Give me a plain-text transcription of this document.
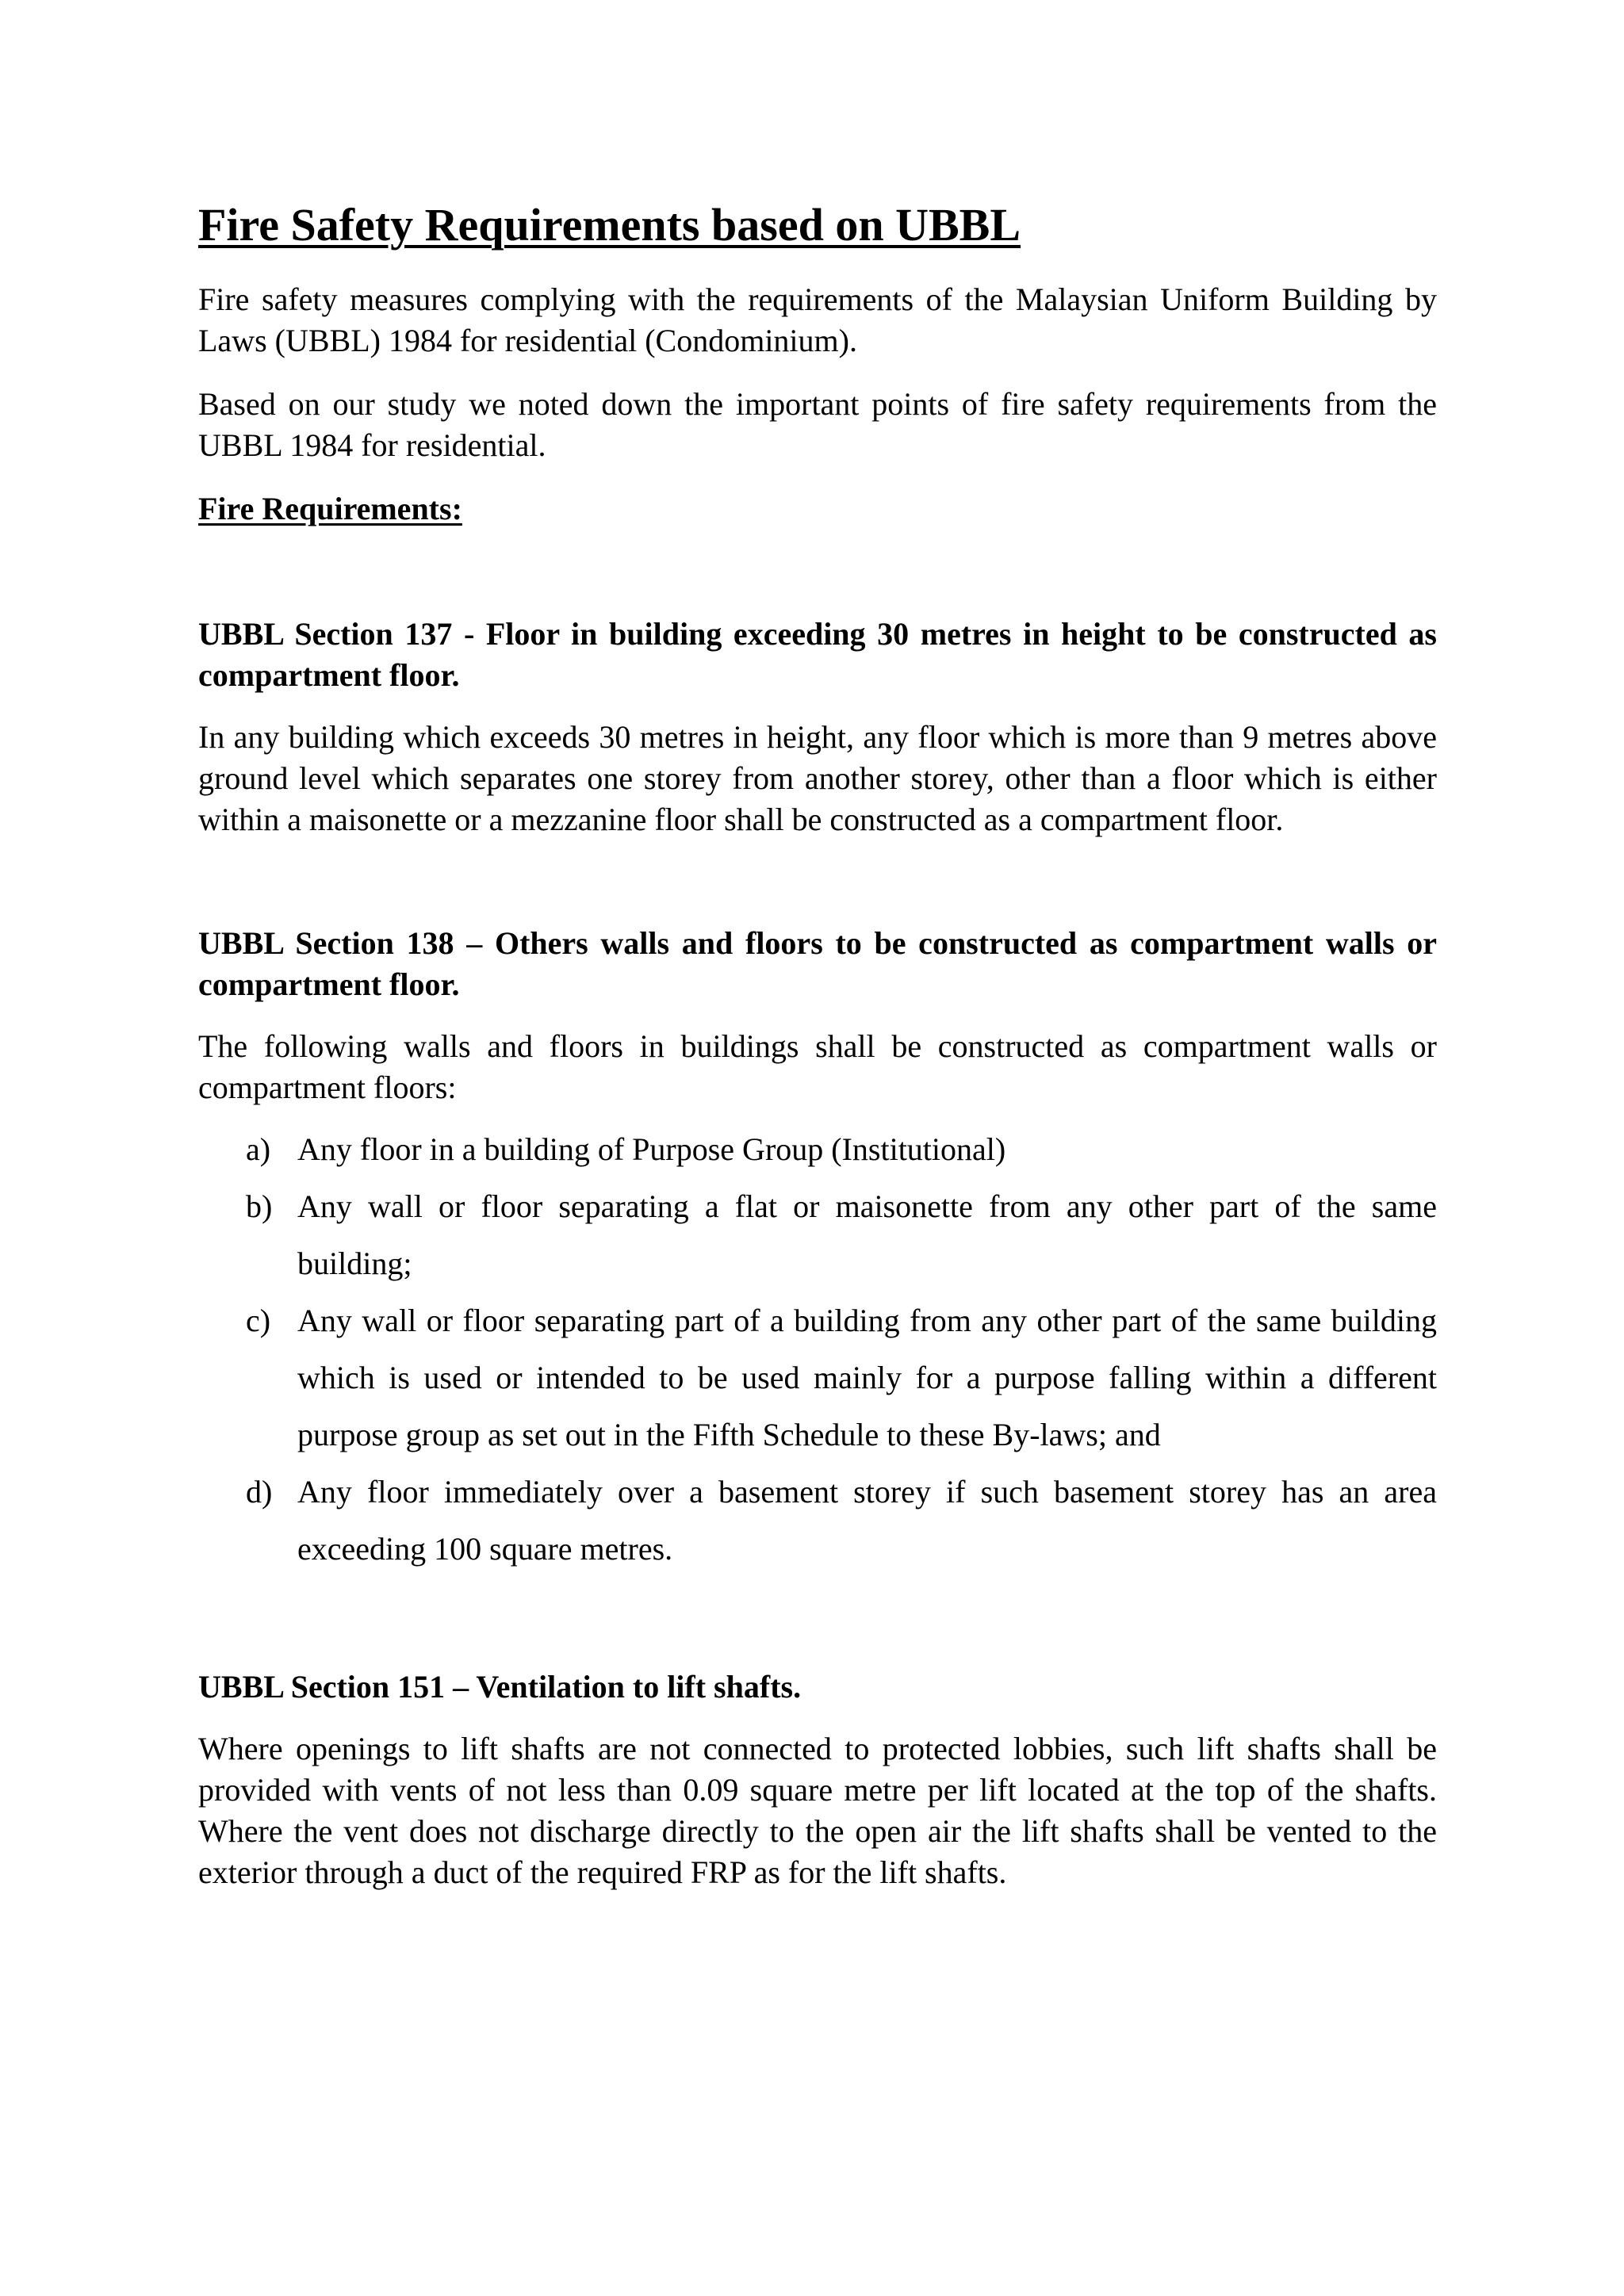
Fire Safety Requirements based on UBBL

Fire safety measures complying with the requirements of the Malaysian Uniform Building by Laws (UBBL) 1984 for residential (Condominium).

Based on our study we noted down the important points of fire safety requirements from the UBBL 1984 for residential.

Fire Requirements:

UBBL Section 137 - Floor in building exceeding 30 metres in height to be constructed as compartment floor.

In any building which exceeds 30 metres in height, any floor which is more than 9 metres above ground level which separates one storey from another storey, other than a floor which is either within a maisonette or a mezzanine floor shall be constructed as a compartment floor.

UBBL Section 138 – Others walls and floors to be constructed as compartment walls or compartment floor.

The following walls and floors in buildings shall be constructed as compartment walls or compartment floors:

a) Any floor in a building of Purpose Group (Institutional)
b) Any wall or floor separating a flat or maisonette from any other part of the same building;
c) Any wall or floor separating part of a building from any other part of the same building which is used or intended to be used mainly for a purpose falling within a different purpose group as set out in the Fifth Schedule to these By-laws; and
d) Any floor immediately over a basement storey if such basement storey has an area exceeding 100 square metres.

UBBL Section 151 – Ventilation to lift shafts.

Where openings to lift shafts are not connected to protected lobbies, such lift shafts shall be provided with vents of not less than 0.09 square metre per lift located at the top of the shafts. Where the vent does not discharge directly to the open air the lift shafts shall be vented to the exterior through a duct of the required FRP as for the lift shafts.
